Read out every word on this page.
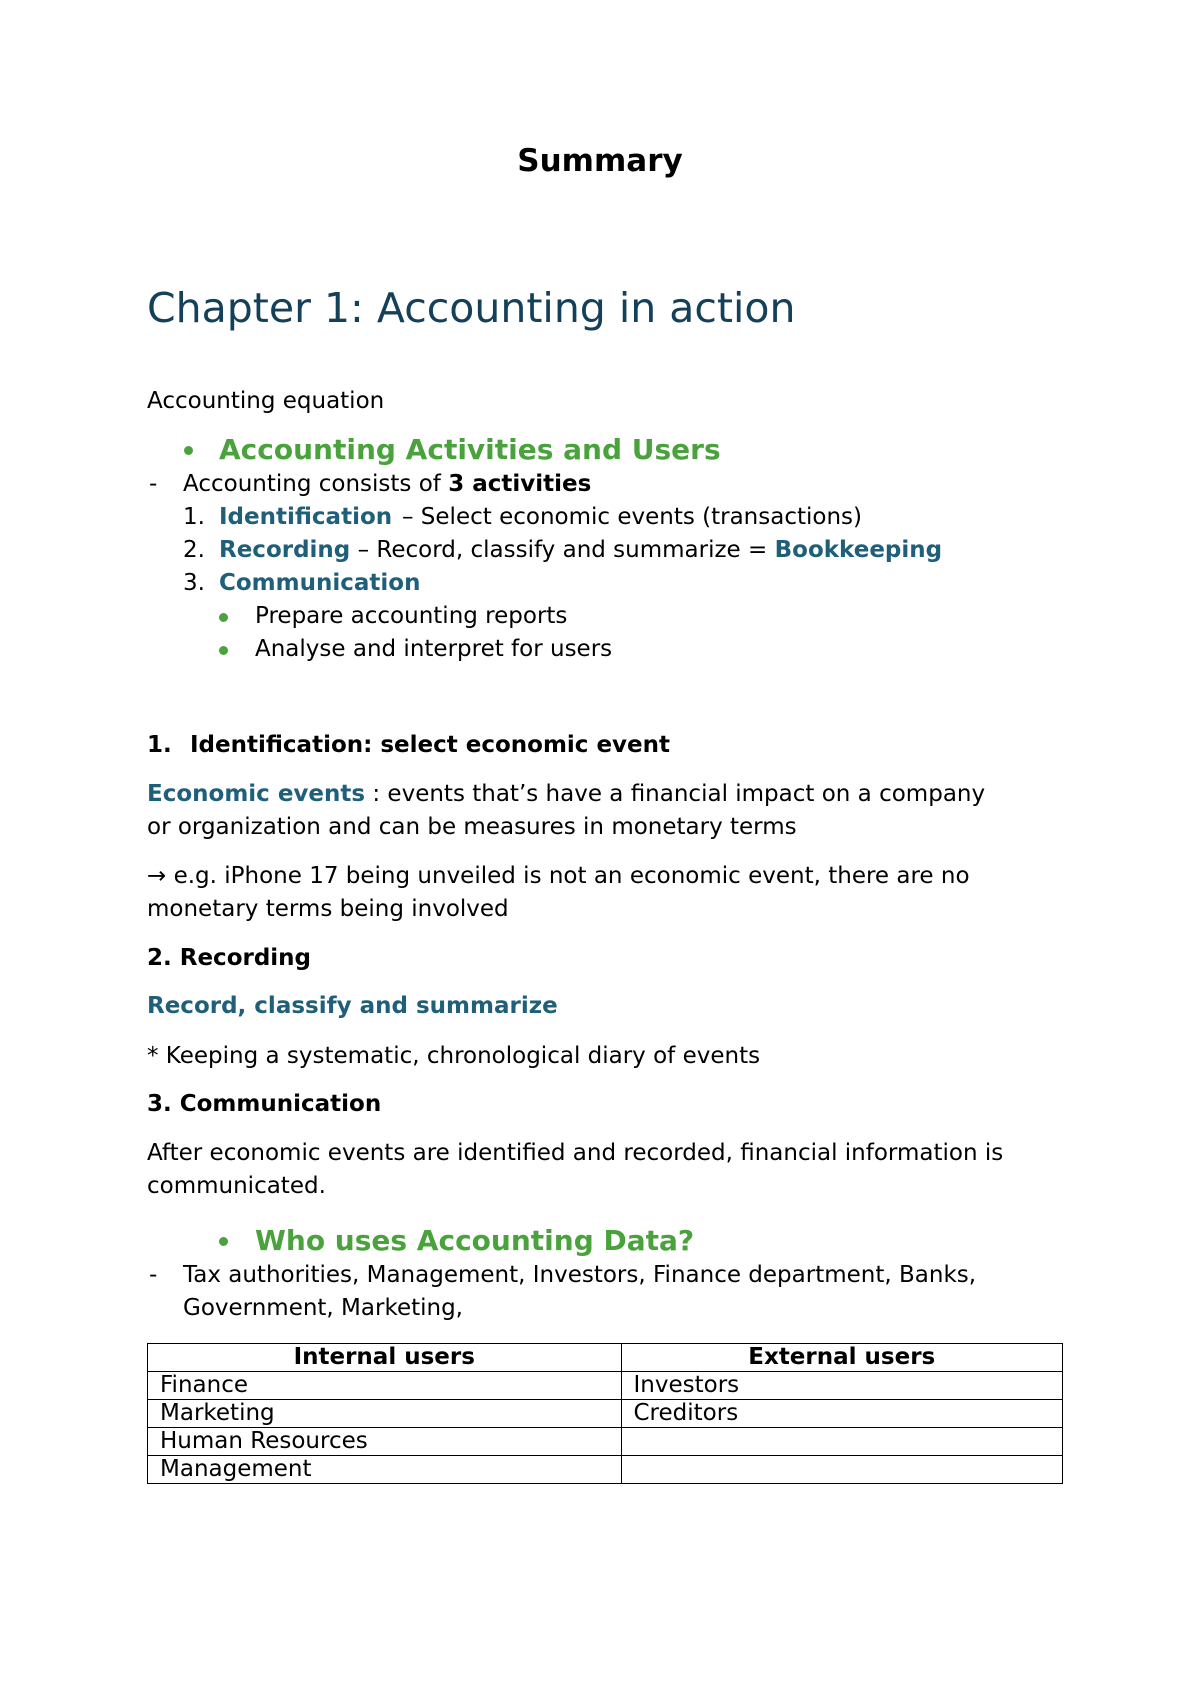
Summary
Chapter 1: Accounting in action
Accounting equation
Accounting Activities and Users
- Accounting consists of 3 activities
1. Identification – Select economic events (transactions)
2. Recording – Record, classify and summarize = Bookkeeping
3. Communication
Prepare accounting reports
Analyse and interpret for users
1. Identification: select economic event
Economic events : events that’s have a financial impact on a company
or organization and can be measures in monetary terms
→ e.g. iPhone 17 being unveiled is not an economic event, there are no
monetary terms being involved
2. Recording
Record, classify and summarize
* Keeping a systematic, chronological diary of events
3. Communication
After economic events are identified and recorded, financial information is
communicated.
Who uses Accounting Data?
- Tax authorities, Management, Investors, Finance department, Banks,
Government, Marketing,
Internal users	External users
Finance	Investors
Marketing	Creditors
Human Resources	
Management	
